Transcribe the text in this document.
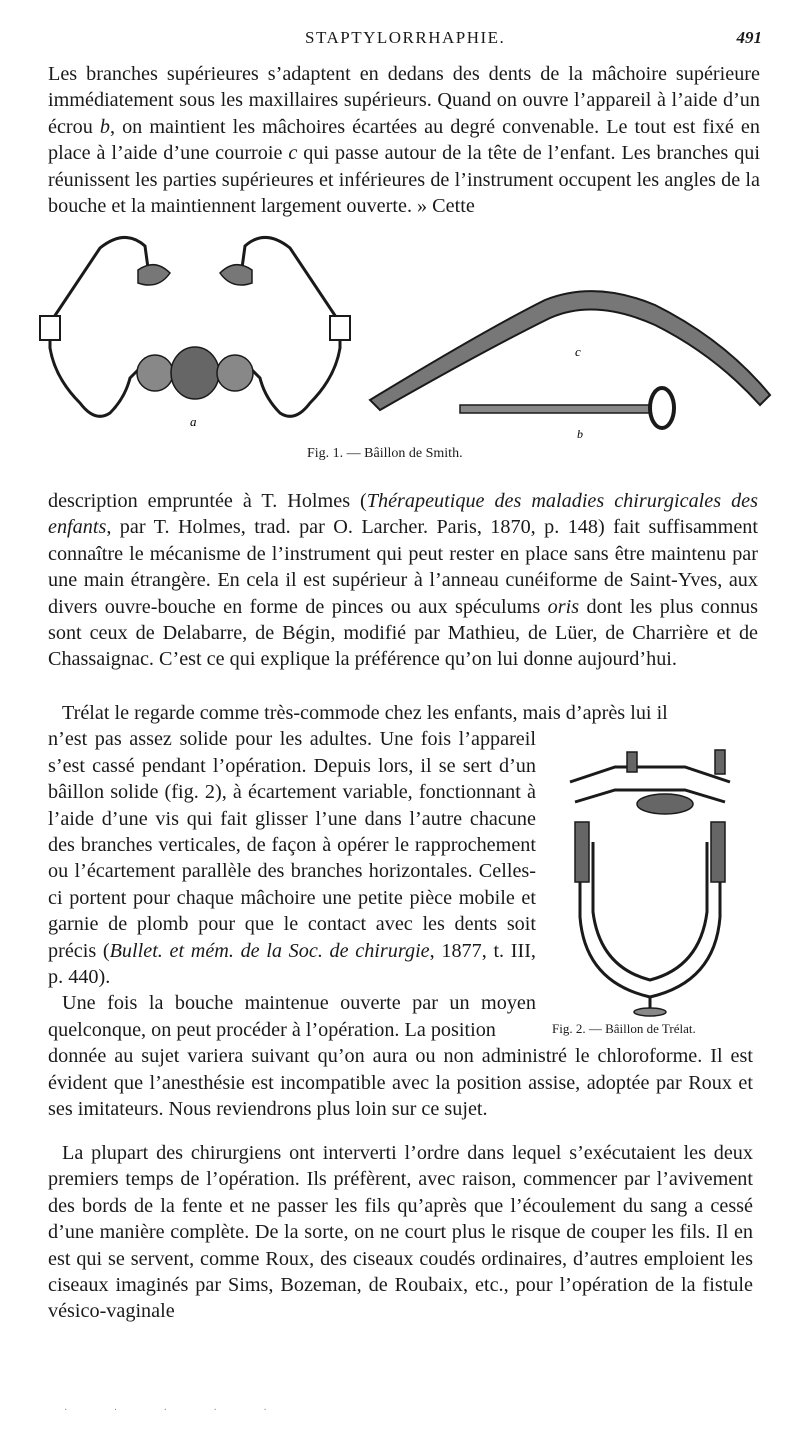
STAPTYLORRHAPHIE.	491

Les branches supérieures s’adaptent en dedans des dents de la mâchoire supérieure immédiatement sous les maxillaires supérieurs. Quand on ouvre l’appareil à l’aide d’un écrou b, on maintient les mâchoires écartées au degré convenable. Le tout est fixé en place à l’aide d’une courroie c qui passe autour de la tête de l’enfant. Les branches qui réunissent les parties supérieures et inférieures de l’instrument occupent les angles de la bouche et la maintiennent largement ouverte. » Cette

a
c
b
Fig. 1. — Bâillon de Smith.

description empruntée à T. Holmes (Thérapeutique des maladies chirurgicales des enfants, par T. Holmes, trad. par O. Larcher. Paris, 1870, p. 148) fait suffisamment connaître le mécanisme de l’instrument qui peut rester en place sans être maintenu par une main étrangère. En cela il est supérieur à l’anneau cunéiforme de Saint-Yves, aux divers ouvre-bouche en forme de pinces ou aux spéculums oris dont les plus connus sont ceux de Delabarre, de Bégin, modifié par Mathieu, de Lüer, de Charrière et de Chassaignac. C’est ce qui explique la préférence qu’on lui donne aujourd’hui.

Trélat le regarde comme très-commode chez les enfants, mais d’après lui il

n’est pas assez solide pour les adultes. Une fois l’appareil s’est cassé pendant l’opération. Depuis lors, il se sert d’un bâillon solide (fig. 2), à écartement variable, fonctionnant à l’aide d’une vis qui fait glisser l’une dans l’autre chacune des branches verticales, de façon à opérer le rapprochement ou l’écartement parallèle des branches horizontales. Celles-ci portent pour chaque mâchoire une petite pièce mobile et garnie de plomb pour que le contact avec les dents soit précis (Bullet. et mém. de la Soc. de chirurgie, 1877, t. III, p. 440).

Une fois la bouche maintenue ouverte par un moyen quelconque, on peut procéder à l’opération. La position

donnée au sujet variera suivant qu’on aura ou non administré le chloroforme. Il est évident que l’anesthésie est incompatible avec la position assise, adoptée par Roux et ses imitateurs. Nous reviendrons plus loin sur ce sujet.

Fig. 2. — Bâillon de Trélat.

La plupart des chirurgiens ont interverti l’ordre dans lequel s’exécutaient les deux premiers temps de l’opération. Ils préfèrent, avec raison, commencer par l’avivement des bords de la fente et ne passer les fils qu’après que l’écoulement du sang a cessé d’une manière complète. De la sorte, on ne court plus le risque de couper les fils. Il en est qui se servent, comme Roux, des ciseaux coudés ordinaires, d’autres emploient les ciseaux imaginés par Sims, Bozeman, de Roubaix, etc., pour l’opération de la fistule vésico-vaginale

· · · · ·
